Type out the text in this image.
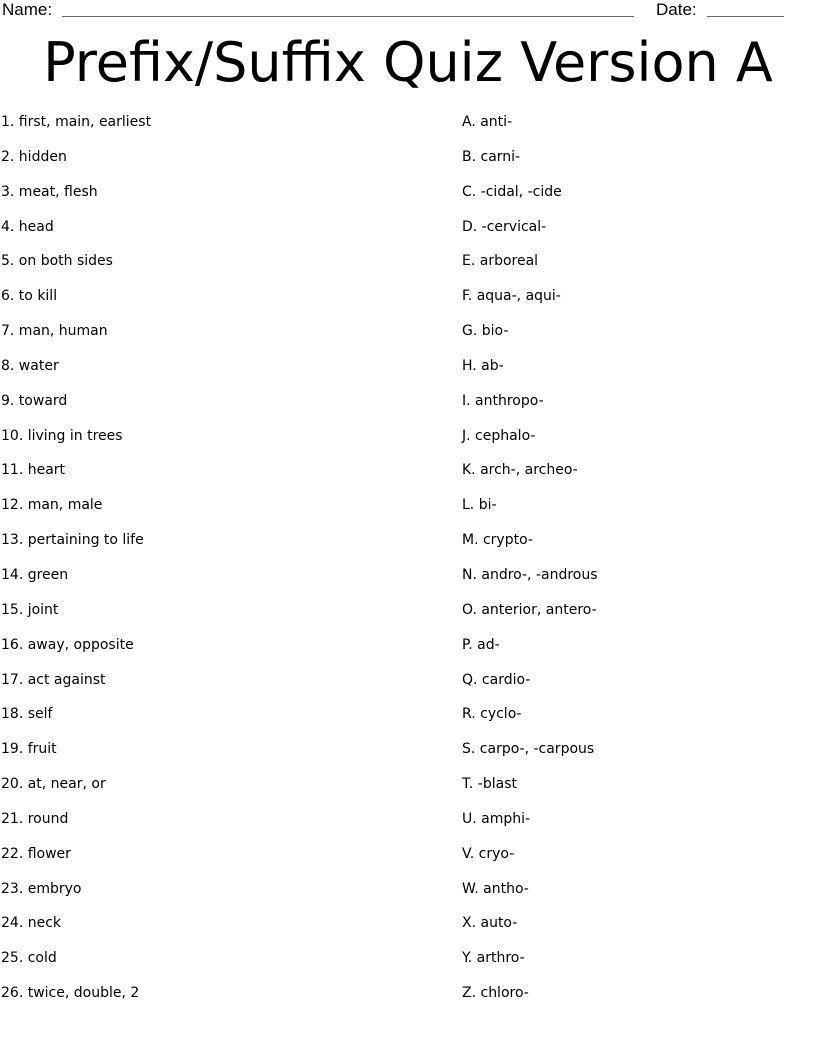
Name:	Date:
Prefix/Suffix Quiz Version A
1. first, main, earliest
2. hidden
3. meat, flesh
4. head
5. on both sides
6. to kill
7. man, human
8. water
9. toward
10. living in trees
11. heart
12. man, male
13. pertaining to life
14. green
15. joint
16. away, opposite
17. act against
18. self
19. fruit
20. at, near, or
21. round
22. flower
23. embryo
24. neck
25. cold
26. twice, double, 2
A. anti-
B. carni-
C. -cidal, -cide
D. -cervical-
E. arboreal
F. aqua-, aqui-
G. bio-
H. ab-
I. anthropo-
J. cephalo-
K. arch-, archeo-
L. bi-
M. crypto-
N. andro-, -androus
O. anterior, antero-
P. ad-
Q. cardio-
R. cyclo-
S. carpo-, -carpous
T. -blast
U. amphi-
V. cryo-
W. antho-
X. auto-
Y. arthro-
Z. chloro-
